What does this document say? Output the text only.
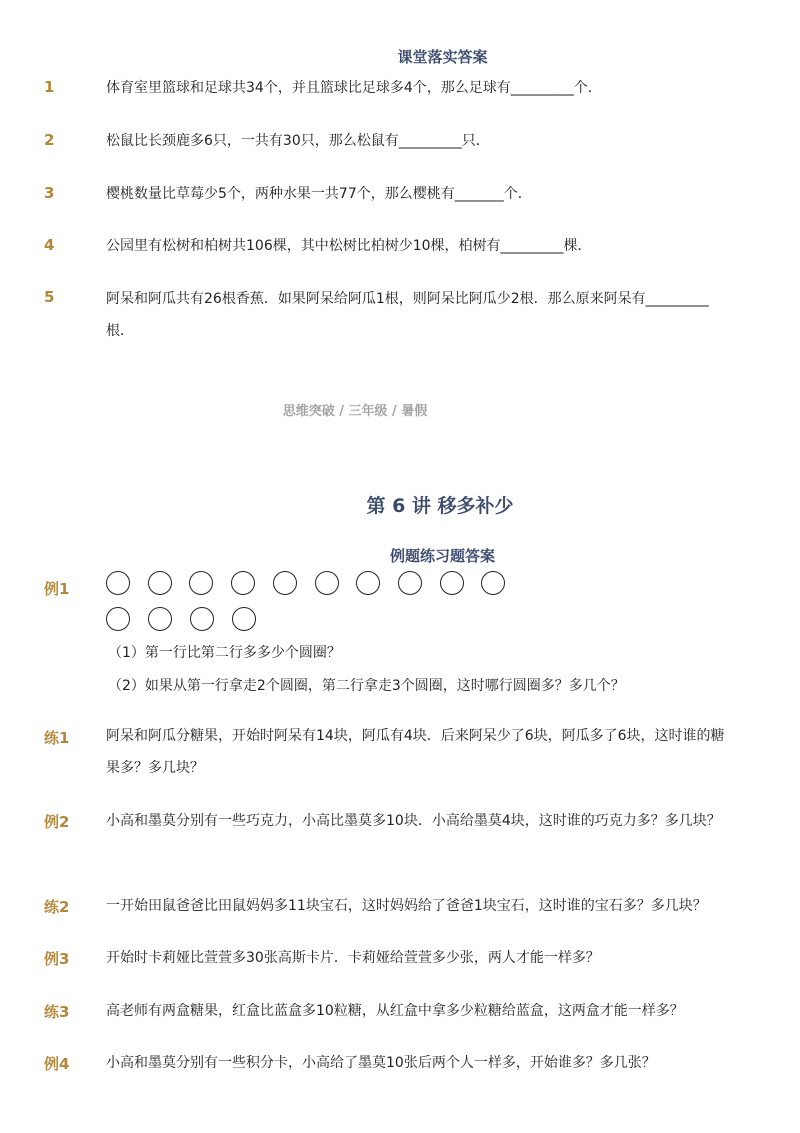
课堂落实答案
1	体育室里篮球和足球共34个，并且篮球比足球多4个，那么足球有_________个．
2	松鼠比长颈鹿多6只，一共有30只，那么松鼠有_________只．
3	樱桃数量比草莓少5个，两种水果一共77个，那么樱桃有_______个．
4	公园里有松树和柏树共106棵，其中松树比柏树少10棵，柏树有_________棵．
5	阿呆和阿瓜共有26根香蕉．如果阿呆给阿瓜1根，则阿呆比阿瓜少2根．那么原来阿呆有_________根．
思维突破 / 三年级 / 暑假
第 6 讲 移多补少
例题练习题答案
例1
（1）第一行比第二行多多少个圆圈？
（2）如果从第一行拿走2个圆圈，第二行拿走3个圆圈，这时哪行圆圈多？多几个？
练1	阿呆和阿瓜分糖果，开始时阿呆有14块，阿瓜有4块．后来阿呆少了6块，阿瓜多了6块，这时谁的糖果多？多几块？
例2	小高和墨莫分别有一些巧克力，小高比墨莫多10块．小高给墨莫4块，这时谁的巧克力多？多几块？
练2	一开始田鼠爸爸比田鼠妈妈多11块宝石，这时妈妈给了爸爸1块宝石，这时谁的宝石多？多几块？
例3	开始时卡莉娅比萱萱多30张高斯卡片．卡莉娅给萱萱多少张，两人才能一样多？
练3	高老师有两盒糖果，红盒比蓝盒多10粒糖，从红盒中拿多少粒糖给蓝盒，这两盒才能一样多？
例4	小高和墨莫分别有一些积分卡，小高给了墨莫10张后两个人一样多，开始谁多？多几张？
